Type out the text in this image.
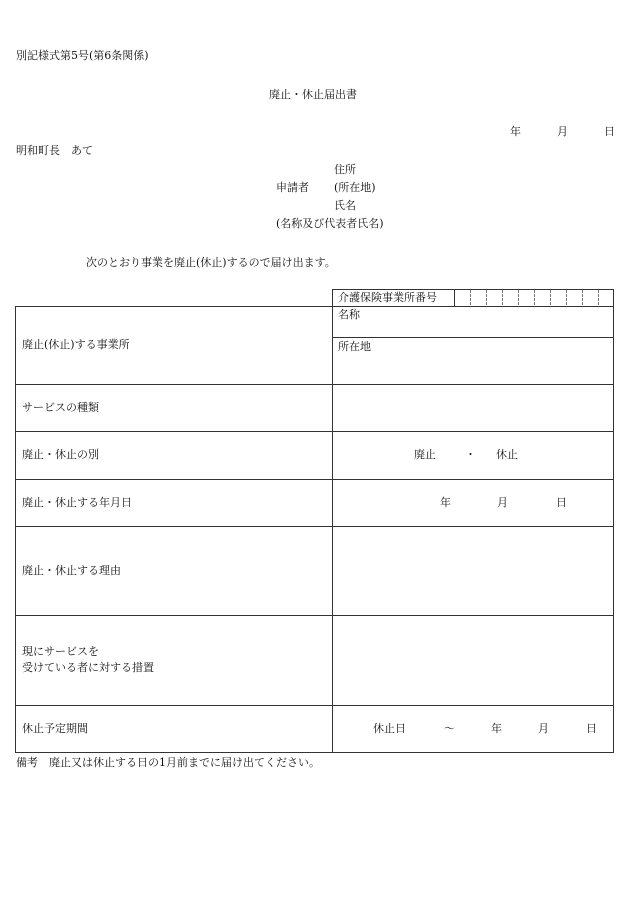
別記様式第5号(第6条関係)
廃止・休止届出書
年	月	日
明和町長　あて
住所
申請者 (所在地)
氏名
(名称及び代表者氏名)
次のとおり事業を廃止(休止)するので届け出ます。
介護保険事業所番号
廃止(休止)する事業所
名称
所在地
サービスの種類
廃止・休止の別	廃止	・ 休止
廃止・休止する年月日	年	月	日
廃止・休止する理由
現にサービスを
受けている者に対する措置
休止予定期間	休止日	～	年	月	日
備考　廃止又は休止する日の1月前までに届け出てください。
